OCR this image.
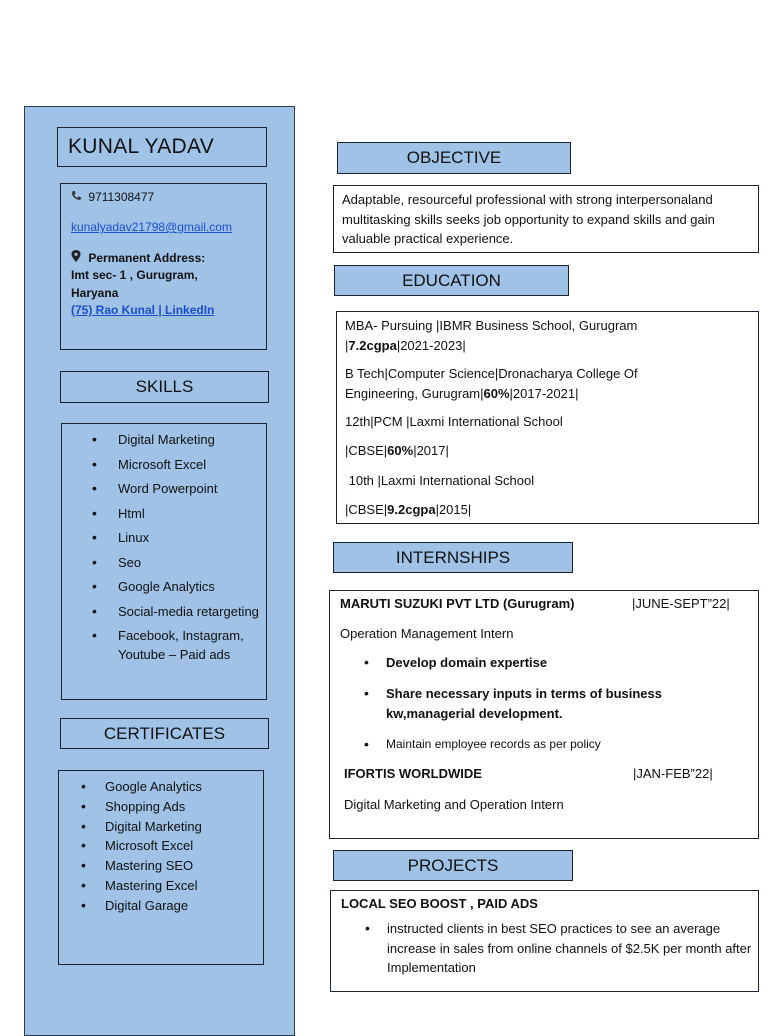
KUNAL YADAV
9711308477
kunalyadav21798@gmail.com
Permanent Address:
Imt sec- 1 , Gurugram,
Haryana
(75) Rao Kunal | LinkedIn
SKILLS
• Digital Marketing
• Microsoft Excel
• Word Powerpoint
• Html
• Linux
• Seo
• Google Analytics
• Social-media retargeting
• Facebook, Instagram, Youtube – Paid ads
CERTIFICATES
• Google Analytics
• Shopping Ads
• Digital Marketing
• Microsoft Excel
• Mastering SEO
• Mastering Excel
• Digital Garage
OBJECTIVE
Adaptable, resourceful professional with strong interpersonaland multitasking skills seeks job opportunity to expand skills and gain valuable practical experience.
EDUCATION

MBA- Pursuing |IBMR Business School, Gurugram
|7.2cgpa|2021-2023|

B Tech|Computer Science|Dronacharya College Of
Engineering, Gurugram|60%|2017-2021|

12th|PCM |Laxmi International School

|CBSE|60%|2017|

10th |Laxmi International School

|CBSE|9.2cgpa|2015|

INTERNSHIPS
MARUTI SUZUKI PVT LTD (Gurugram)	|JUNE-SEPT”22|
Operation Management Intern
• Develop domain expertise
• Share necessary inputs in terms of business kw,managerial development.
• Maintain employee records as per policy
IFORTIS WORLDWIDE	|JAN-FEB”22|
Digital Marketing and Operation Intern
PROJECTS
LOCAL SEO BOOST , PAID ADS
• instructed clients in best SEO practices to see an average increase in sales from online channels of $2.5K per month after Implementation
